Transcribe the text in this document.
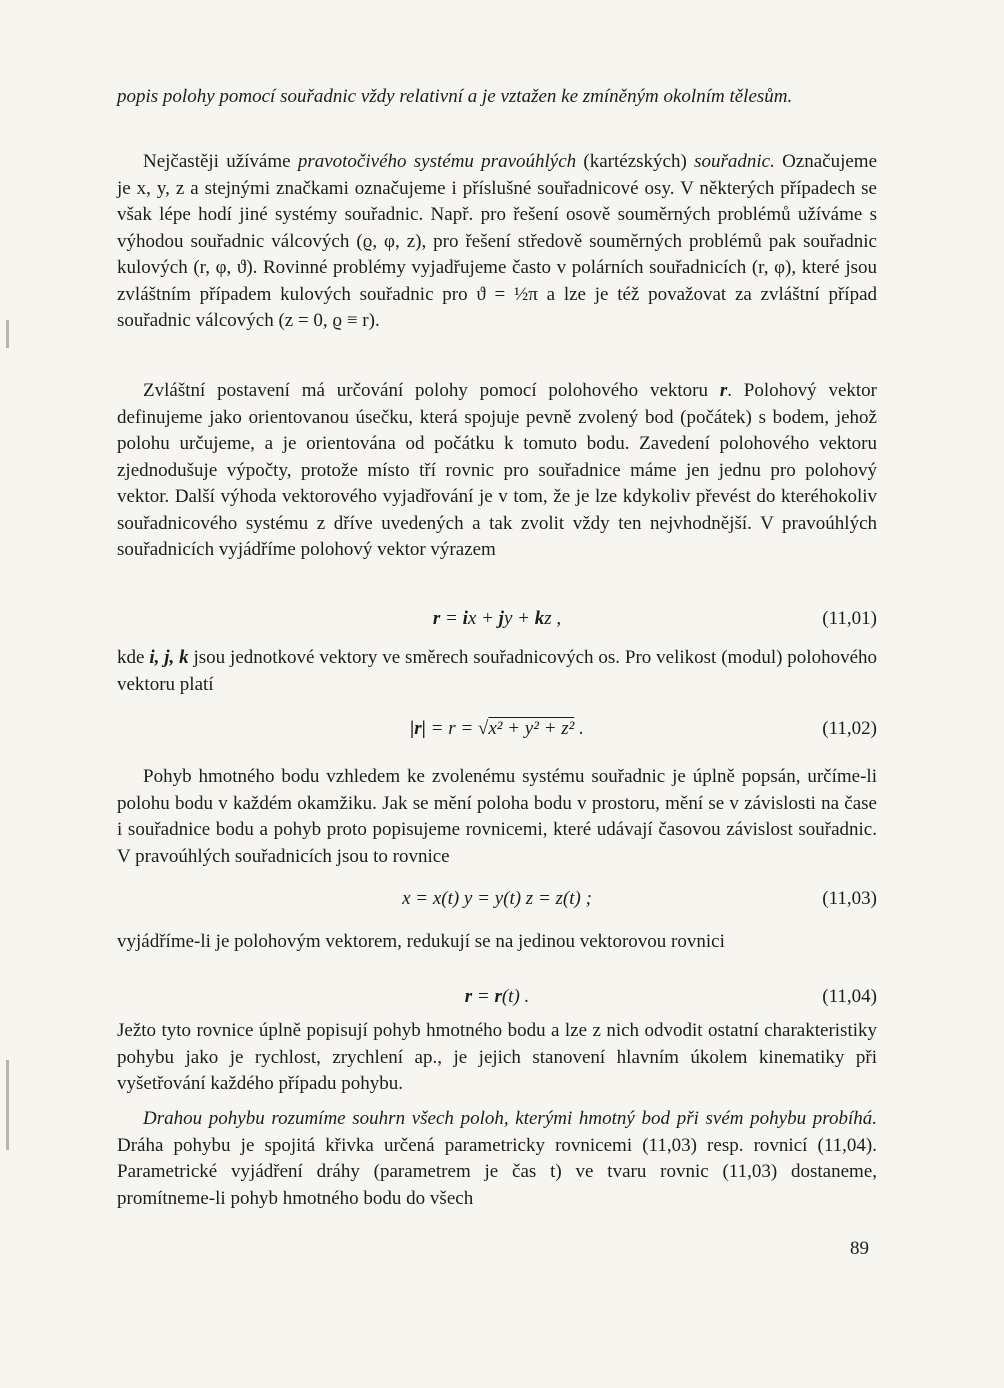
popis polohy pomocí souřadnic vždy relativní a je vztažen ke zmíněným okolním tělesům.

Nejčastěji užíváme pravotočivého systému pravoúhlých (kartézských) souřadnic. Označujeme je x, y, z a stejnými značkami označujeme i příslušné souřadnicové osy. V některých případech se však lépe hodí jiné systémy souřadnic. Např. pro řešení osově souměrných problémů užíváme s výhodou souřadnic válcových (ϱ, φ, z), pro řešení středově souměrných problémů pak souřadnic kulových (r, φ, ϑ). Rovinné problémy vyjadřujeme často v polárních souřadnicích (r, φ), které jsou zvláštním případem kulových souřadnic pro ϑ = ½π a lze je též považovat za zvláštní případ souřadnic válcových (z = 0, ϱ ≡ r).

Zvláštní postavení má určování polohy pomocí polohového vektoru r. Polohový vektor definujeme jako orientovanou úsečku, která spojuje pevně zvolený bod (počátek) s bodem, jehož polohu určujeme, a je orientována od počátku k tomuto bodu. Zavedení polohového vektoru zjednodušuje výpočty, protože místo tří rovnic pro souřadnice máme jen jednu pro polohový vektor. Další výhoda vektorového vyjadřování je v tom, že je lze kdykoliv převést do kteréhokoliv souřadnicového systému z dříve uvedených a tak zvolit vždy ten nejvhodnější. V pravoúhlých souřadnicích vyjádříme polohový vektor výrazem

r = ix + jy + kz ,	(11,01)

kde i, j, k jsou jednotkové vektory ve směrech souřadnicových os. Pro velikost (modul) polohového vektoru platí

|r| = r = √x² + y² + z² .	(11,02)

Pohyb hmotného bodu vzhledem ke zvolenému systému souřadnic je úplně popsán, určíme-li polohu bodu v každém okamžiku. Jak se mění poloha bodu v prostoru, mění se v závislosti na čase i souřadnice bodu a pohyb proto popisujeme rovnicemi, které udávají časovou závislost souřadnic. V pravoúhlých souřadnicích jsou to rovnice

x = x(t) y = y(t) z = z(t) ;	(11,03)

vyjádříme-li je polohovým vektorem, redukují se na jedinou vektorovou rovnici

r = r(t) .	(11,04)

Ježto tyto rovnice úplně popisují pohyb hmotného bodu a lze z nich odvodit ostatní charakteristiky pohybu jako je rychlost, zrychlení ap., je jejich stanovení hlavním úkolem kinematiky při vyšetřování každého případu pohybu.

Drahou pohybu rozumíme souhrn všech poloh, kterými hmotný bod při svém pohybu probíhá. Dráha pohybu je spojitá křivka určená parametricky rovnicemi (11,03) resp. rovnicí (11,04). Parametrické vyjádření dráhy (parametrem je čas t) ve tvaru rovnic (11,03) dostaneme, promítneme-li pohyb hmotného bodu do všech

89
